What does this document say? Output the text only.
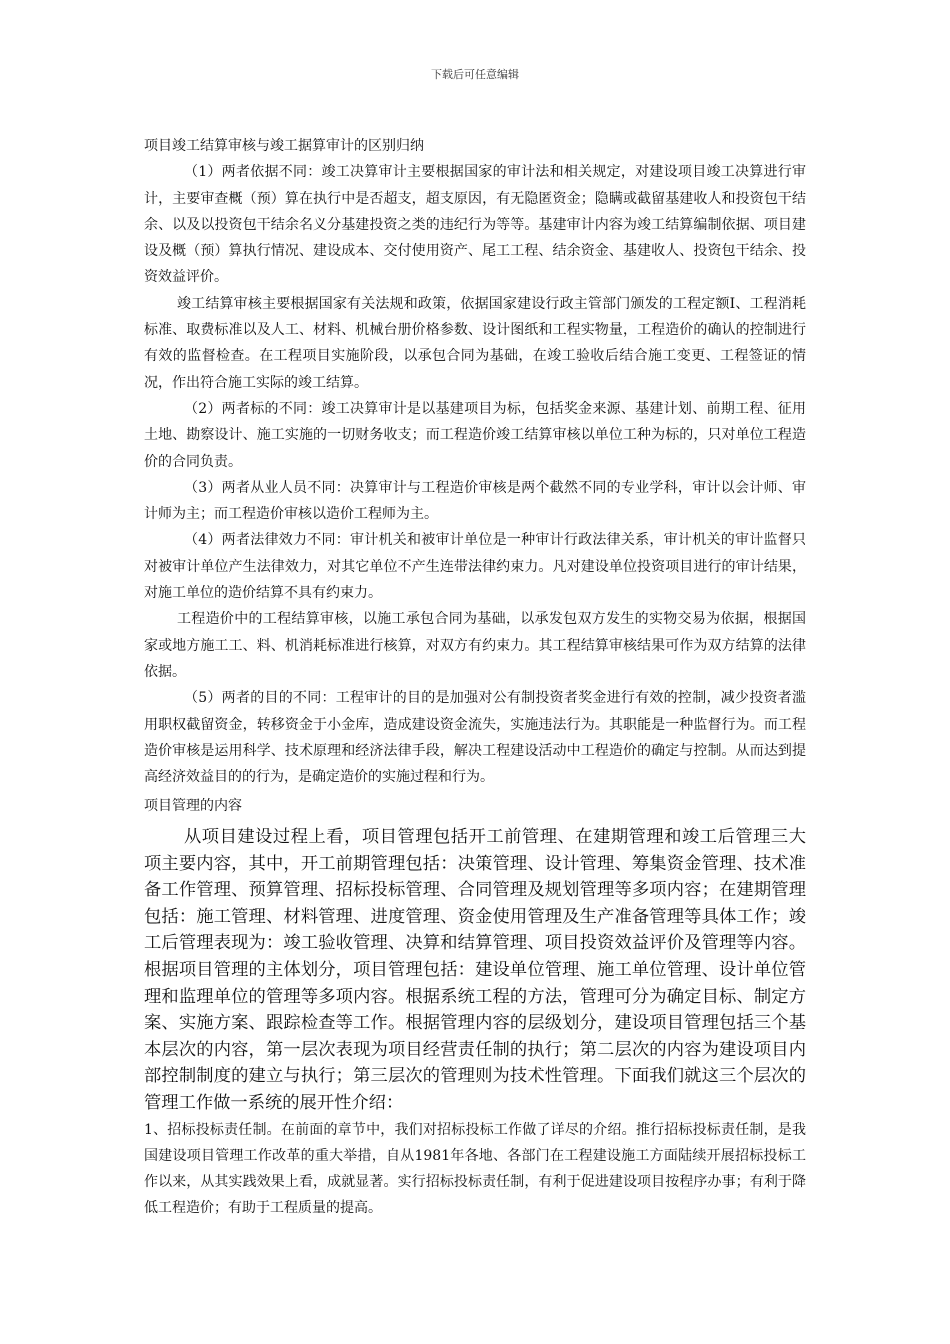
下载后可任意编辑

项目竣工结算审核与竣工据算审计的区别归纳

（1）两者依据不同：竣工决算审计主要根据国家的审计法和相关规定，对建设项目竣工决算进行审计，主要审查概（预）算在执行中是否超支，超支原因，有无隐匿资金；隐瞒或截留基建收人和投资包干结余、以及以投资包干结余名义分基建投资之类的违纪行为等等。基建审计内容为竣工结算编制依据、项目建设及概（预）算执行情况、建设成本、交付使用资产、尾工工程、结余资金、基建收人、投资包干结余、投资效益评价。

竣工结算审核主要根据国家有关法规和政策，依据国家建设行政主管部门颁发的工程定额Ⅰ、工程消耗标准、取费标准以及人工、材料、机械台册价格参数、设计图纸和工程实物量，工程造价的确认的控制进行有效的监督检查。在工程项目实施阶段，以承包合同为基础，在竣工验收后结合施工变更、工程签证的情况，作出符合施工实际的竣工结算。

（2）两者标的不同：竣工决算审计是以基建项目为标，包括奖金来源、基建计划、前期工程、征用土地、勘察设计、施工实施的一切财务收支；而工程造价竣工结算审核以单位工种为标的，只对单位工程造价的合同负责。

（3）两者从业人员不同：决算审计与工程造价审核是两个截然不同的专业学科，审计以会计师、审计师为主；而工程造价审核以造价工程师为主。

（4）两者法律效力不同：审计机关和被审计单位是一种审计行政法律关系，审计机关的审计监督只对被审计单位产生法律效力，对其它单位不产生连带法律约束力。凡对建设单位投资项目进行的审计结果，对施工单位的造价结算不具有约束力。

工程造价中的工程结算审核，以施工承包合同为基础，以承发包双方发生的实物交易为依据，根据国家或地方施工工、料、机消耗标准进行核算，对双方有约束力。其工程结算审核结果可作为双方结算的法律依据。

（5）两者的目的不同：工程审计的目的是加强对公有制投资者奖金进行有效的控制，减少投资者滥用职权截留资金，转移资金于小金库，造成建设资金流失，实施违法行为。其职能是一种监督行为。而工程造价审核是运用科学、技术原理和经济法律手段，解决工程建设活动中工程造价的确定与控制。从而达到提高经济效益目的的行为，是确定造价的实施过程和行为。

项目管理的内容

从项目建设过程上看，项目管理包括开工前管理、在建期管理和竣工后管理三大项主要内容，其中，开工前期管理包括：决策管理、设计管理、筹集资金管理、技术准备工作管理、预算管理、招标投标管理、合同管理及规划管理等多项内容；在建期管理包括：施工管理、材料管理、进度管理、资金使用管理及生产准备管理等具体工作；竣工后管理表现为：竣工验收管理、决算和结算管理、项目投资效益评价及管理等内容。根据项目管理的主体划分，项目管理包括：建设单位管理、施工单位管理、设计单位管理和监理单位的管理等多项内容。根据系统工程的方法，管理可分为确定目标、制定方案、实施方案、跟踪检查等工作。根据管理内容的层级划分，建设项目管理包括三个基本层次的内容，第一层次表现为项目经营责任制的执行；第二层次的内容为建设项目内部控制制度的建立与执行；第三层次的管理则为技术性管理。下面我们就这三个层次的管理工作做一系统的展开性介绍：

1、招标投标责任制。在前面的章节中，我们对招标投标工作做了详尽的介绍。推行招标投标责任制，是我国建设项目管理工作改革的重大举措，自从1981年各地、各部门在工程建设施工方面陆续开展招标投标工作以来，从其实践效果上看，成就显著。实行招标投标责任制，有利于促进建设项目按程序办事；有利于降低工程造价；有助于工程质量的提高。
